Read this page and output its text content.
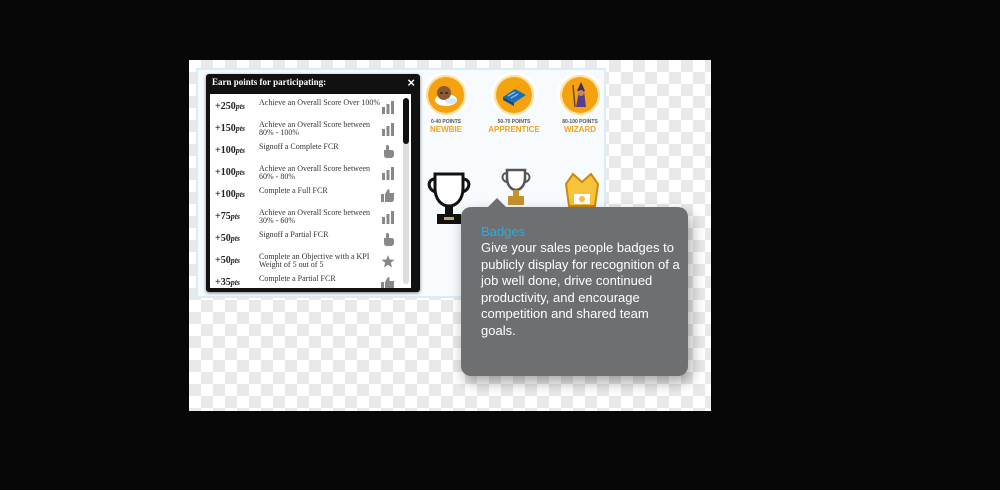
Earn points for participating:	×
+250pts Achieve an Overall Score Over 100%
+150pts Achieve an Overall Score between 80% - 100%
+100pts Signoff a Complete FCR
+100pts Achieve an Overall Score between 60% - 80%
+100pts Complete a Full FCR
+75pts Achieve an Overall Score between 30% - 60%
+50pts Signoff a Partial FCR
+50pts Complete an Objective with a KPI Weight of 5 out of 5
+35pts Complete a Partial FCR
0-40 POINTS
NEWBIE
50-70 POINTS
APPRENTICE
80-100 POINTS
WIZARD
Badges
Give your sales people badges to publicly display for recognition of a job well done, drive continued productivity, and encourage competition and shared team goals.
